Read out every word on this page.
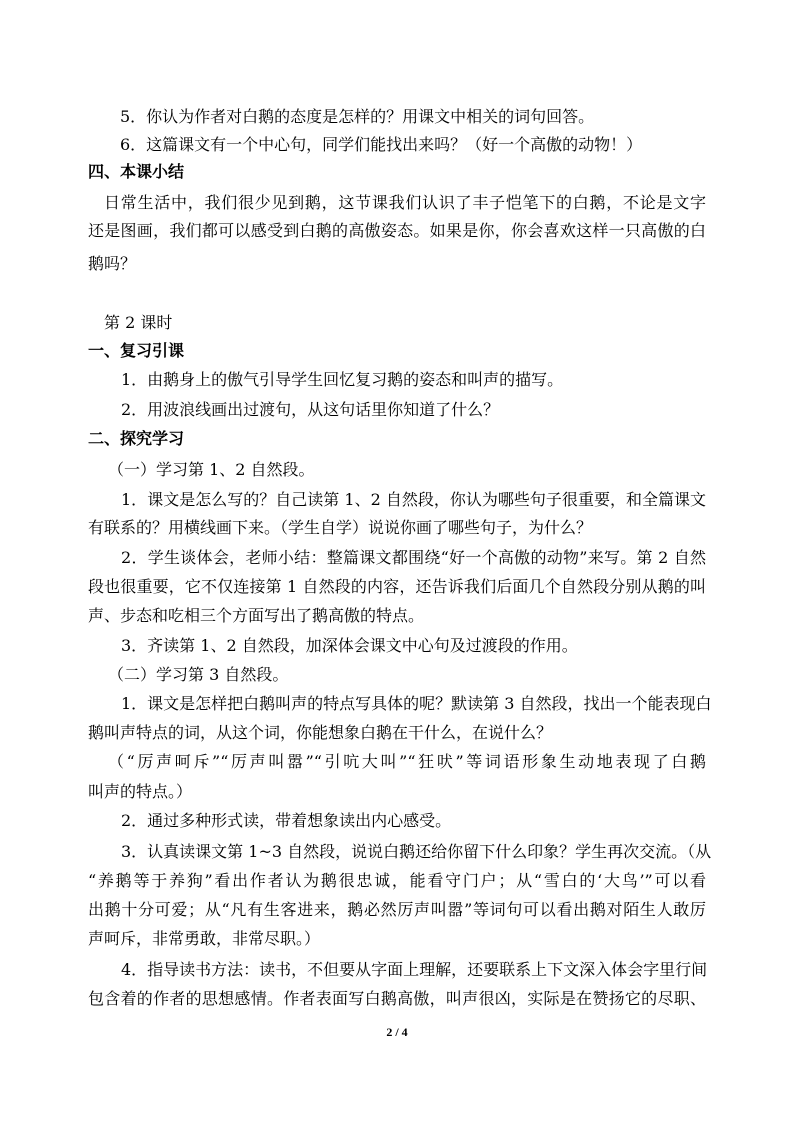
5．你认为作者对白鹅的态度是怎样的？用课文中相关的词句回答。
6．这篇课文有一个中心句，同学们能找出来吗？（好一个高傲的动物！）
四、本课小结
日常生活中，我们很少见到鹅，这节课我们认识了丰子恺笔下的白鹅，不论是文字
还是图画，我们都可以感受到白鹅的高傲姿态。如果是你，你会喜欢这样一只高傲的白
鹅吗？
第 2 课时
一、复习引课
1．由鹅身上的傲气引导学生回忆复习鹅的姿态和叫声的描写。
2．用波浪线画出过渡句，从这句话里你知道了什么？
二、探究学习
（一）学习第 1、2 自然段。
1．课文是怎么写的？自己读第 1、2 自然段，你认为哪些句子很重要，和全篇课文
有联系的？用横线画下来。（学生自学）说说你画了哪些句子，为什么？
2．学生谈体会，老师小结：整篇课文都围绕“好一个高傲的动物”来写。第 2 自然
段也很重要，它不仅连接第 1 自然段的内容，还告诉我们后面几个自然段分别从鹅的叫
声、步态和吃相三个方面写出了鹅高傲的特点。
3．齐读第 1、2 自然段，加深体会课文中心句及过渡段的作用。
（二）学习第 3 自然段。
1．课文是怎样把白鹅叫声的特点写具体的呢？默读第 3 自然段，找出一个能表现白
鹅叫声特点的词，从这个词，你能想象白鹅在干什么，在说什么？
（“厉声呵斥”“厉声叫嚣”“引吭大叫”“狂吠”等词语形象生动地表现了白鹅
叫声的特点。）
2．通过多种形式读，带着想象读出内心感受。
3．认真读课文第 1~3 自然段，说说白鹅还给你留下什么印象？学生再次交流。（从
“养鹅等于养狗”看出作者认为鹅很忠诚，能看守门户；从“雪白的‘大鸟’”可以看
出鹅十分可爱；从“凡有生客进来，鹅必然厉声叫嚣”等词句可以看出鹅对陌生人敢厉
声呵斥，非常勇敢，非常尽职。）
4．指导读书方法：读书，不但要从字面上理解，还要联系上下文深入体会字里行间
包含着的作者的思想感情。作者表面写白鹅高傲，叫声很凶，实际是在赞扬它的尽职、
2 / 4
